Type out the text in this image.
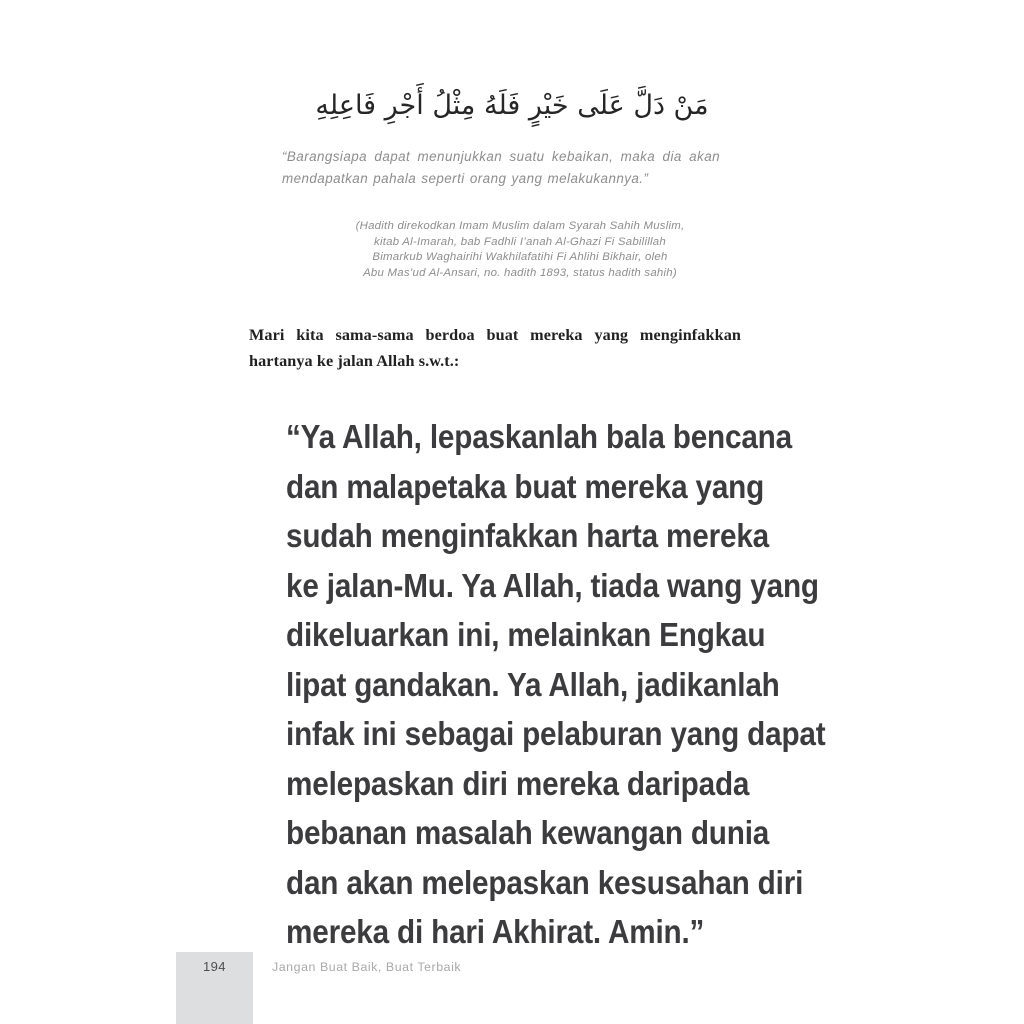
مَنْ دَلَّ عَلَى خَيْرٍ فَلَهُ مِثْلُ أَجْرِ فَاعِلِهِ
“Barangsiapa dapat menunjukkan suatu kebaikan, maka dia akan mendapatkan pahala seperti orang yang melakukannya.”
(Hadith direkodkan Imam Muslim dalam Syarah Sahih Muslim,
kitab Al-Imarah, bab Fadhli I’anah Al-Ghazi Fi Sabilillah
Bimarkub Waghairihi Wakhilafatihi Fi Ahlihi Bikhair, oleh
Abu Mas’ud Al-Ansari, no. hadith 1893, status hadith sahih)
Mari kita sama-sama berdoa buat mereka yang menginfakkan
hartanya ke jalan Allah s.w.t.:
“Ya Allah, lepaskanlah bala bencana
dan malapetaka buat mereka yang
sudah menginfakkan harta mereka
ke jalan-Mu. Ya Allah, tiada wang yang
dikeluarkan ini, melainkan Engkau
lipat gandakan. Ya Allah, jadikanlah
infak ini sebagai pelaburan yang dapat
melepaskan diri mereka daripada
bebanan masalah kewangan dunia
dan akan melepaskan kesusahan diri
mereka di hari Akhirat. Amin.”
194	Jangan Buat Baik, Buat Terbaik
